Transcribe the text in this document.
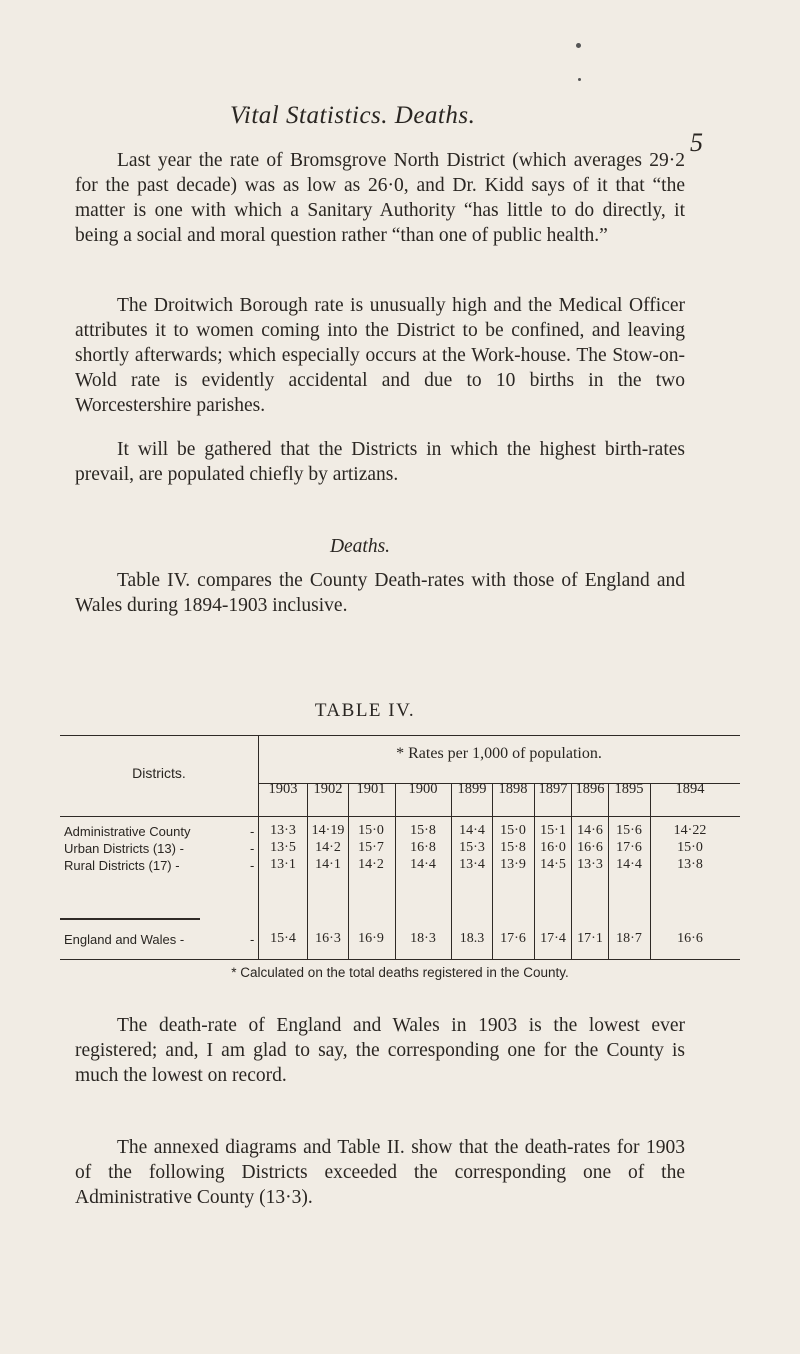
Vital Statistics. Deaths.
5

Last year the rate of Bromsgrove North District (which averages 29·2 for the past decade) was as low as 26·0, and Dr. Kidd says of it that “the matter is one with which a Sanitary Authority “has little to do directly, it being a social and moral question rather “than one of public health.”

The Droitwich Borough rate is unusually high and the Medical Officer attributes it to women coming into the District to be confined, and leaving shortly afterwards; which especially occurs at the Work-house. The Stow-on-Wold rate is evidently accidental and due to 10 births in the two Worcestershire parishes.

It will be gathered that the Districts in which the highest birth-rates prevail, are populated chiefly by artizans.

Deaths.

Table IV. compares the County Death-rates with those of England and Wales during 1894-1903 inclusive.

TABLE IV.
Districts.
* Rates per 1,000 of population.
1903	1902 1901	1900	1899 1898 1897 1896 1895	1894
Administrative County	-	13·3	14·19 15·0	15·8	14·4	15·0	15·1 14·6 15·6	14·22
Urban Districts (13) -	-	13·5	14·2	15·7	16·8	15·3	15·8	16·0 16·6 17·6	15·0
Rural Districts (17) -	-	13·1	14·1	14·2	14·4	13·4	13·9	14·5 13·3 14·4	13·8
England and Wales -	-	15·4	16·3	16·9	18·3	18.3	17·6	17·4 17·1 18·7	16·6
* Calculated on the total deaths registered in the County.

The death-rate of England and Wales in 1903 is the lowest ever registered; and, I am glad to say, the corresponding one for the County is much the lowest on record.

The annexed diagrams and Table II. show that the death-rates for 1903 of the following Districts exceeded the corresponding one of the Administrative County (13·3).
